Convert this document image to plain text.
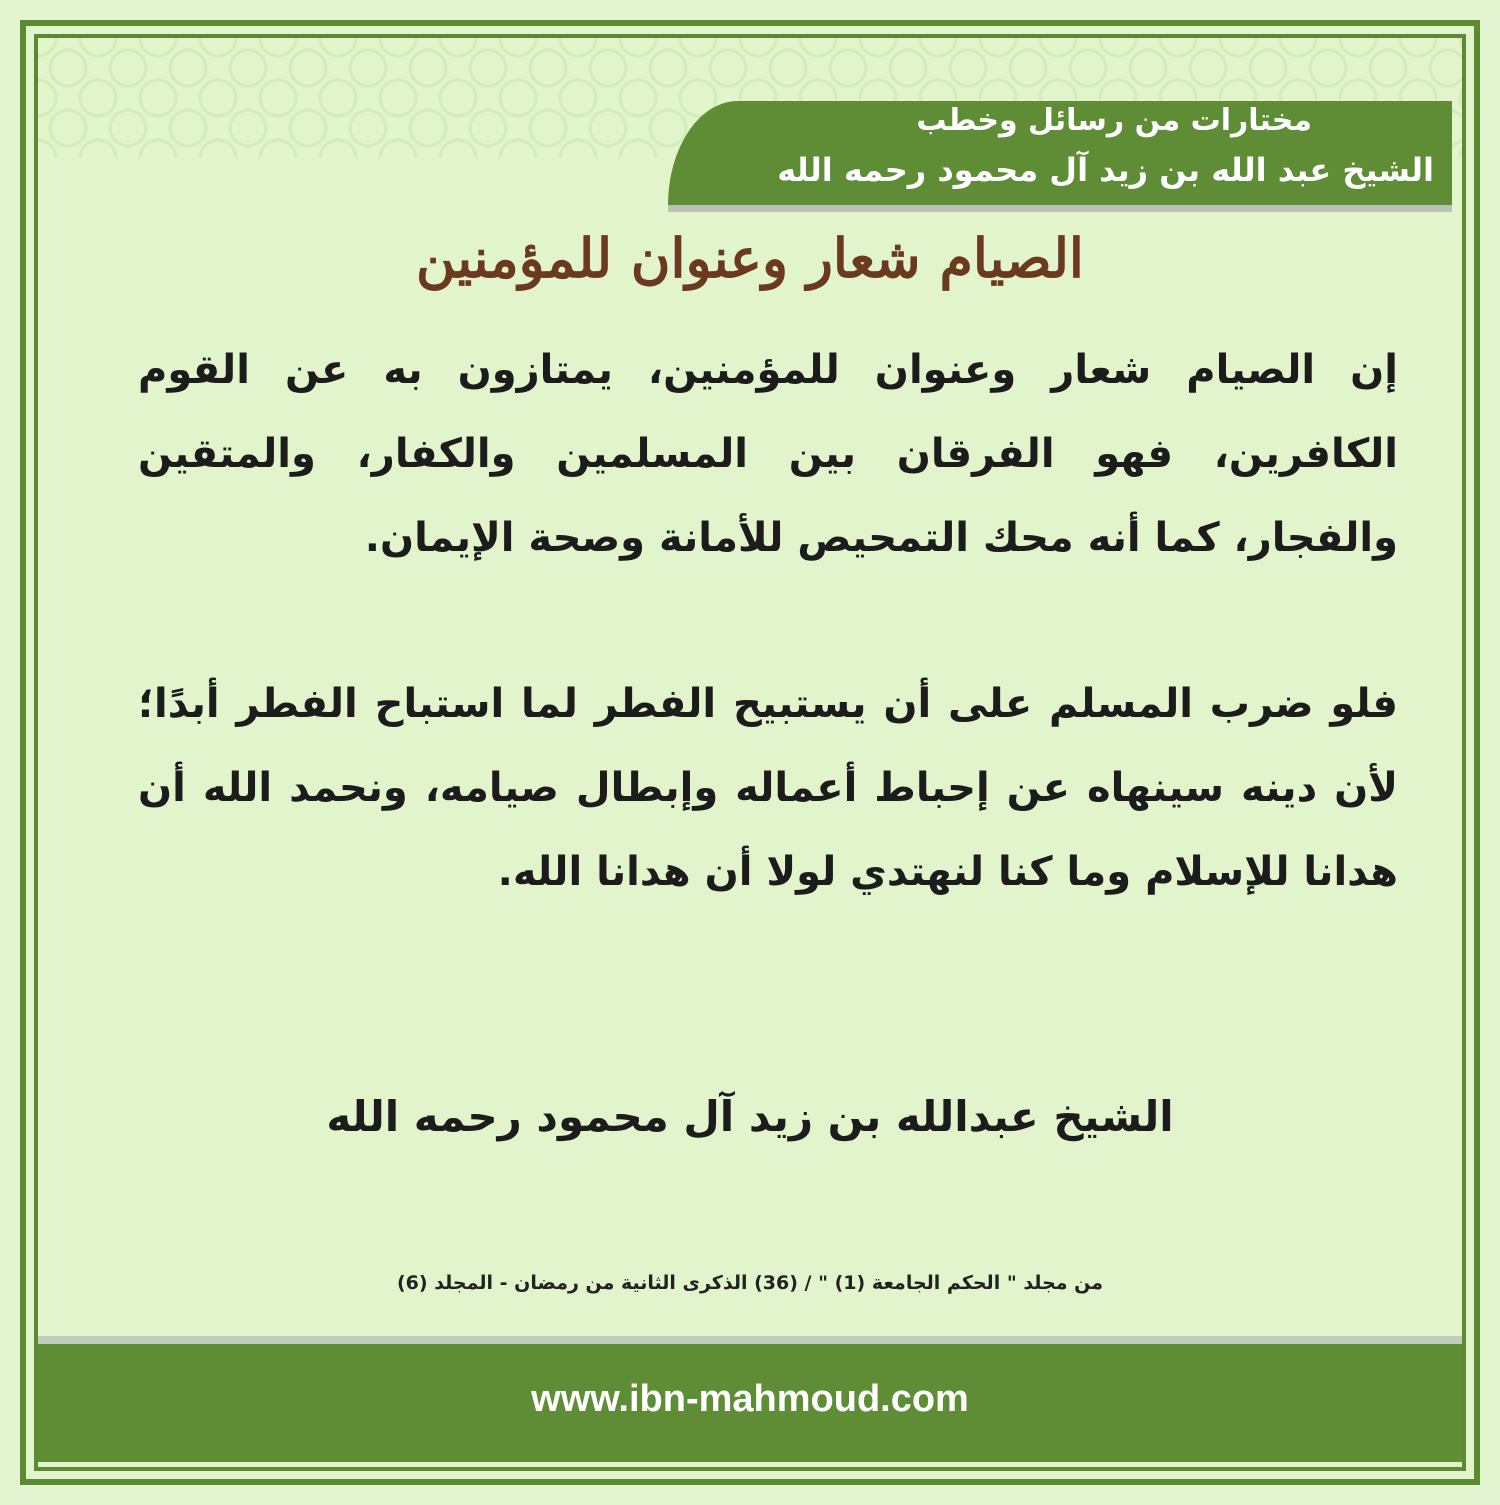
مختارات من رسائل وخطب
الشيخ عبد الله بن زيد آل محمود رحمه الله
www.ibn-mahmoud.com
الصيام شعار وعنوان للمؤمنين
إن الصيام شعار وعنوان للمؤمنين، يمتازون به عن القوم الكافرين، فهو الفرقان بين المسلمين والكفار، والمتقين والفجار، كما أنه محك التمحيص للأمانة وصحة الإيمان.
فلو ضرب المسلم على أن يستبيح الفطر لما استباح الفطر أبدًا؛ لأن دينه سينهاه عن إحباط أعماله وإبطال صيامه، ونحمد الله أن هدانا للإسلام وما كنا لنهتدي لولا أن هدانا الله.
الشيخ عبدالله بن زيد آل محمود رحمه الله
من مجلد " الحكم الجامعة (1) " / (36) الذكرى الثانية من رمضان - المجلد (6)
